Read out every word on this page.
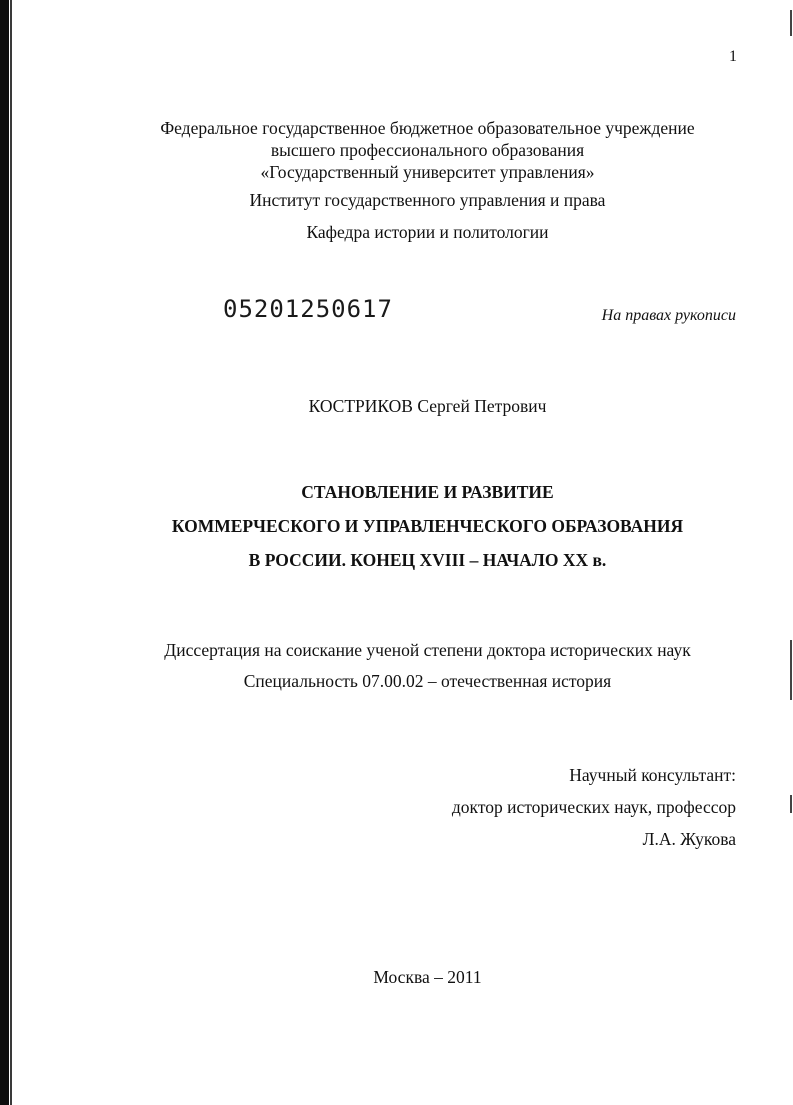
1
Федеральное государственное бюджетное образовательное учреждение
высшего профессионального образования
«Государственный университет управления»
Институт государственного управления и права
Кафедра истории и политологии
05201250617	На правах рукописи
КОСТРИКОВ Сергей Петрович
СТАНОВЛЕНИЕ И РАЗВИТИЕ
КОММЕРЧЕСКОГО И УПРАВЛЕНЧЕСКОГО ОБРАЗОВАНИЯ
В РОССИИ. КОНЕЦ XVIII – НАЧАЛО XX в.
Диссертация на соискание ученой степени доктора исторических наук
Специальность 07.00.02 – отечественная история
Научный консультант:
доктор исторических наук, профессор
Л.А. Жукова
Москва – 2011
